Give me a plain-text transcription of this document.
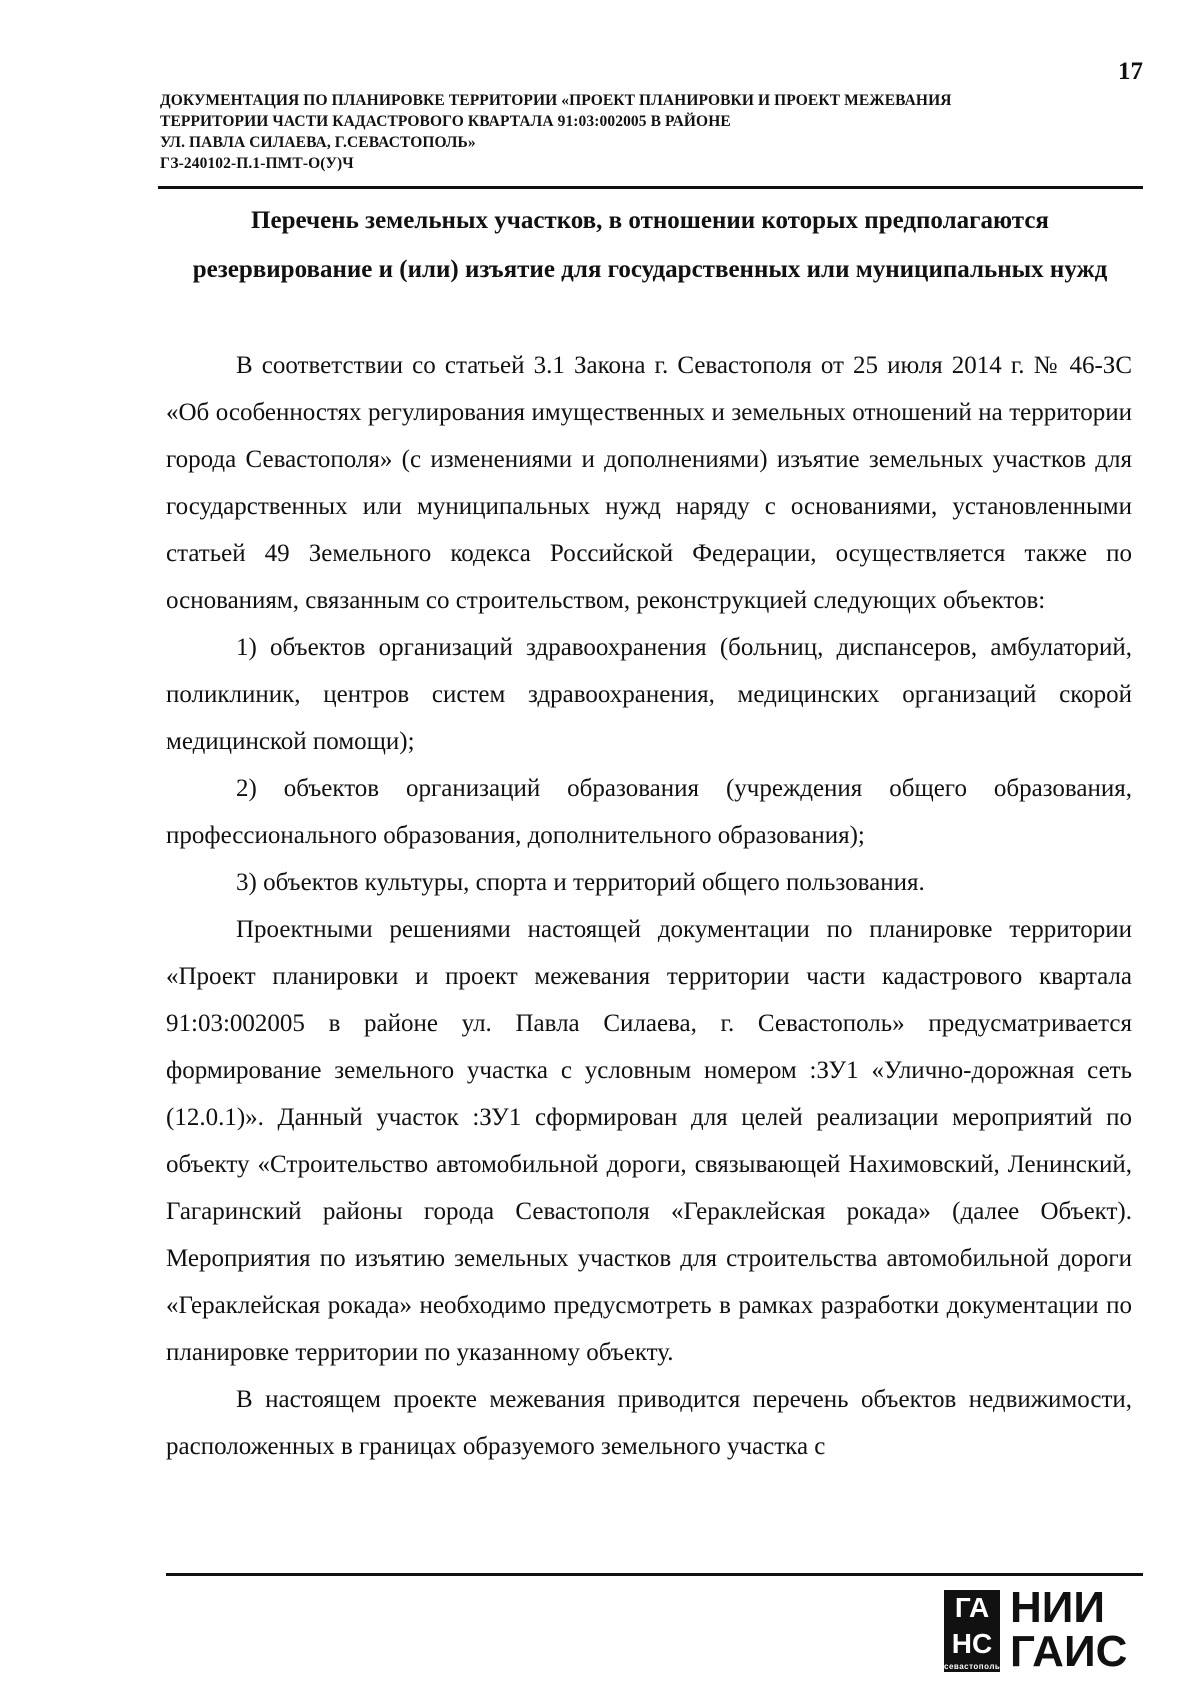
17
ДОКУМЕНТАЦИЯ ПО ПЛАНИРОВКЕ ТЕРРИТОРИИ «ПРОЕКТ ПЛАНИРОВКИ И ПРОЕКТ МЕЖЕВАНИЯ
ТЕРРИТОРИИ ЧАСТИ КАДАСТРОВОГО КВАРТАЛА 91:03:002005 В РАЙОНЕ
УЛ. ПАВЛА СИЛАЕВА, Г.СЕВАСТОПОЛЬ»
ГЗ-240102-П.1-ПМТ-О(У)Ч
Перечень земельных участков, в отношении которых предполагаются резервирование и (или) изъятие для государственных или муниципальных нужд

В соответствии со статьей 3.1 Закона г. Севастополя от 25 июля 2014 г. № 46-ЗС «Об особенностях регулирования имущественных и земельных отношений на территории города Севастополя» (с изменениями и дополнениями) изъятие земельных участков для государственных или муниципальных нужд наряду с основаниями, установленными статьей 49 Земельного кодекса Российской Федерации, осуществляется также по основаниям, связанным со строительством, реконструкцией следующих объектов:

1) объектов организаций здравоохранения (больниц, диспансеров, амбулаторий, поликлиник, центров систем здравоохранения, медицинских организаций скорой медицинской помощи);

2) объектов организаций образования (учреждения общего образования, профессионального образования, дополнительного образования);

3) объектов культуры, спорта и территорий общего пользования.

Проектными решениями настоящей документации по планировке территории «Проект планировки и проект межевания территории части кадастрового квартала 91:03:002005 в районе ул. Павла Силаева, г. Севастополь» предусматривается формирование земельного участка с условным номером :ЗУ1 «Улично-дорожная сеть (12.0.1)». Данный участок :ЗУ1 сформирован для целей реализации мероприятий по объекту «Строительство автомобильной дороги, связывающей Нахимовский, Ленинский, Гагаринский районы города Севастополя «Гераклейская рокада» (далее Объект). Мероприятия по изъятию земельных участков для строительства автомобильной дороги «Гераклейская рокада» необходимо предусмотреть в рамках разработки документации по планировке территории по указанному объекту.

В настоящем проекте межевания приводится перечень объектов недвижимости, расположенных в границах образуемого земельного участка с

ГА
НС
севастополь
НИИ
ГАИС
